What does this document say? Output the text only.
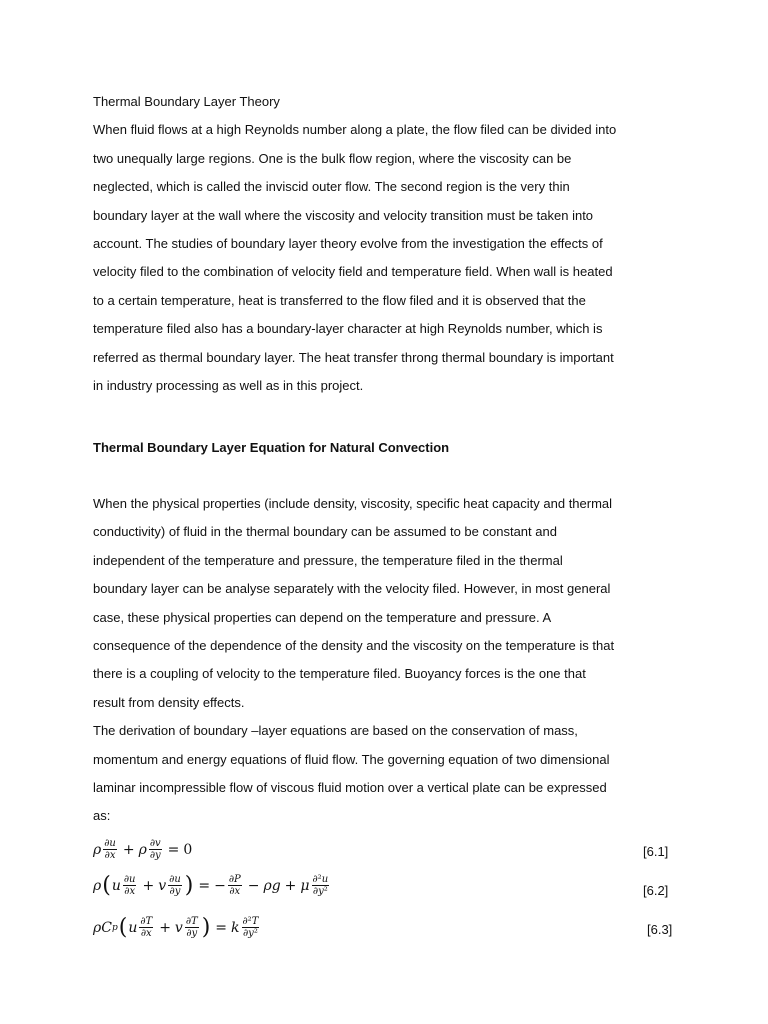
Thermal Boundary Layer Theory

When fluid flows at a high Reynolds number along a plate, the flow filed can be divided into
two unequally large regions. One is the bulk flow region, where the viscosity can be
neglected, which is called the inviscid outer flow. The second region is the very thin
boundary layer at the wall where the viscosity and velocity transition must be taken into
account. The studies of boundary layer theory evolve from the investigation the effects of
velocity filed to the combination of velocity field and temperature field. When wall is heated
to a certain temperature, heat is transferred to the flow filed and it is observed that the
temperature filed also has a boundary-layer character at high Reynolds number, which is
referred as thermal boundary layer. The heat transfer throng thermal boundary is important
in industry processing as well as in this project.

Thermal Boundary Layer Equation for Natural Convection

When the physical properties (include density, viscosity, specific heat capacity and thermal
conductivity) of fluid in the thermal boundary can be assumed to be constant and
independent of the temperature and pressure, the temperature filed in the thermal
boundary layer can be analyse separately with the velocity filed. However, in most general
case, these physical properties can depend on the temperature and pressure. A
consequence of the dependence of the density and the viscosity on the temperature is that
there is a coupling of velocity to the temperature filed. Buoyancy forces is the one that
result from density effects.
The derivation of boundary –layer equations are based on the conservation of mass,
momentum and energy equations of fluid flow. The governing equation of two dimensional
laminar incompressible flow of viscous fluid motion over a vertical plate can be expressed
as:

ρ $\frac{\partial u}{\partial x} + \rho \frac{\partial v}{\partial y} = 0$	[6.1]
ρ ( u $\frac{\partial u}{\partial x} + v \frac{\partial u}{\partial y}$ ) = − $\frac{\partial P}{\partial x} - \rho g + \mu \frac{\text{∂²u}}{\text{∂y²}}$	[6.2]
ρC p ( u $\frac{\partial T}{\partial x} + v \frac{\partial T}{\partial y}$ ) = k $\frac{\text{∂²T}}{\text{∂y²}}$	[6.3]
